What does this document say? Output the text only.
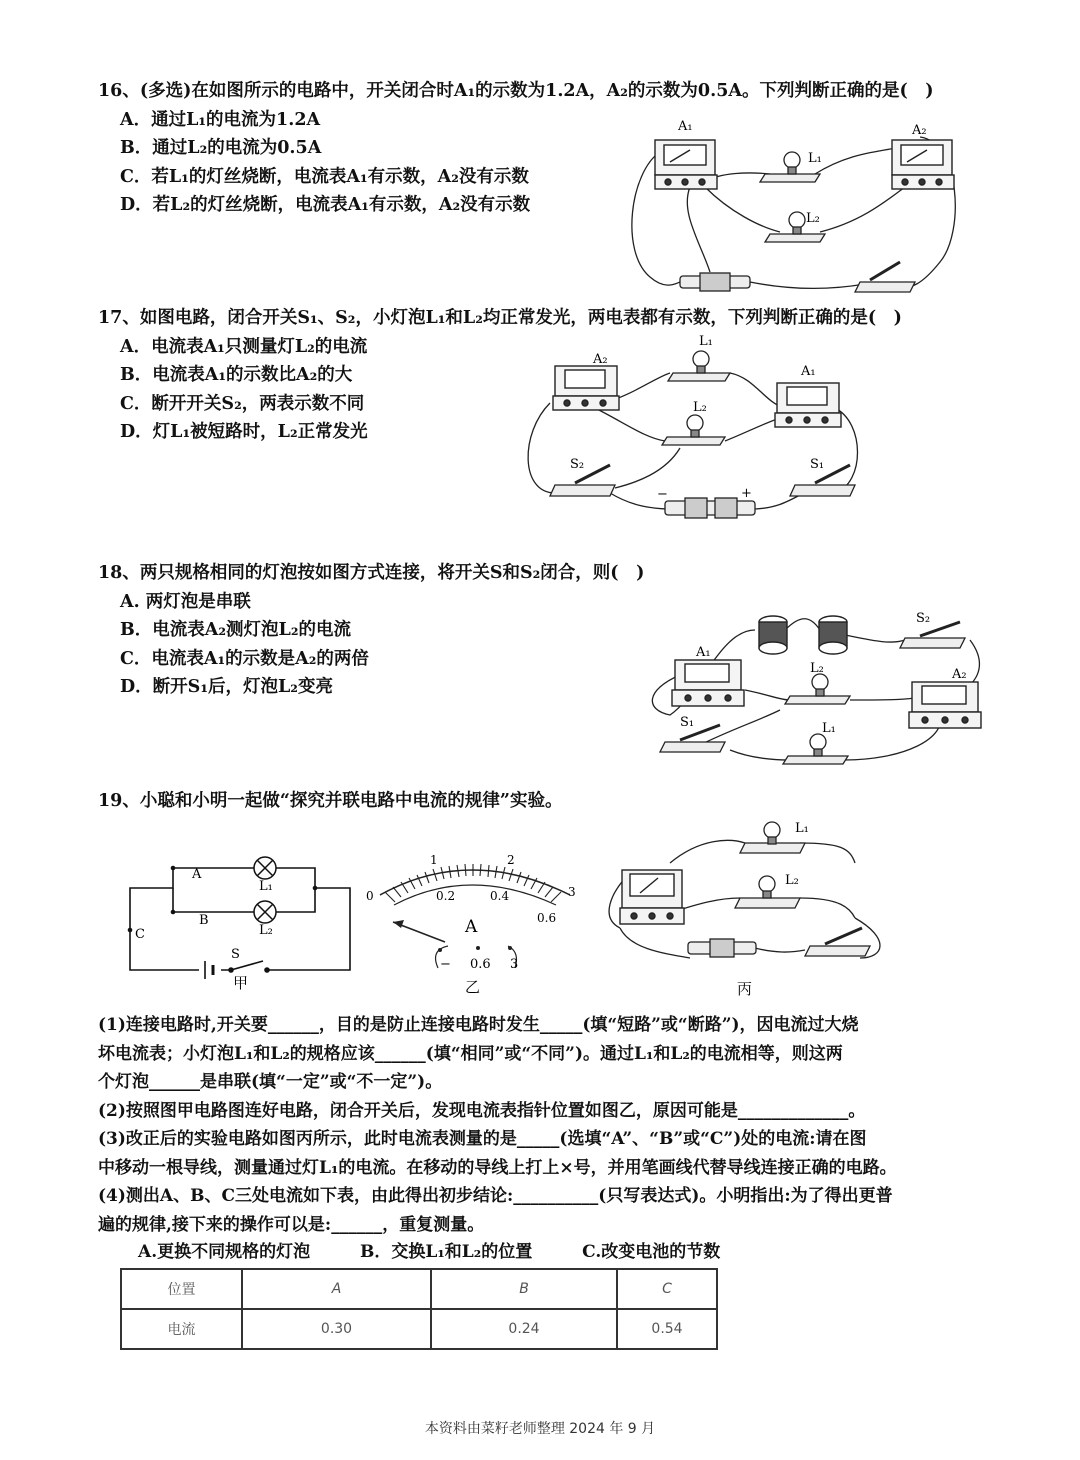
16、(多选)在如图所示的电路中，开关闭合时A₁的示数为1.2A，A₂的示数为0.5A。下列判断正确的是(　)
A．通过L₁的电流为1.2A
B．通过L₂的电流为0.5A
C．若L₁的灯丝烧断，电流表A₁有示数，A₂没有示数
D．若L₂的灯丝烧断，电流表A₁有示数，A₂没有示数
A₁	A₂
L₁
L₂
17、如图电路，闭合开关S₁、S₂，小灯泡L₁和L₂均正常发光，两电表都有示数，下列判断正确的是(　)
A．电流表A₁只测量灯L₂的电流
B．电流表A₁的示数比A₂的大
C．断开开关S₂，两表示数不同
D．灯L₁被短路时，L₂正常发光
A₂
L₁
L₂
A₁
S₂	S₁
−	+
18、两只规格相同的灯泡按如图方式连接，将开关S和S₂闭合，则(　)
A. 两灯泡是串联
B．电流表A₂测灯泡L₂的电流
C．电流表A₁的示数是A₂的两倍
D．断开S₁后，灯泡L₂变亮
A₁
L₂
S₂
A₂
S₁	L₁
19、小聪和小明一起做“探究并联电路中电流的规律”实验。
A
L₁
B
L₂
C
S
甲
0
1	2
3
0.2	0.4
0.6
A
− 0.6 3
乙
L₁
L₂
丙

(1)连接电路时,开关要______，目的是防止连接电路时发生_____(填“短路”或“断路”)，因电流过大烧

坏电流表；小灯泡L₁和L₂的规格应该______(填“相同”或“不同”)。通过L₁和L₂的电流相等，则这两

个灯泡______是串联(填“一定”或“不一定”)。

(2)按照图甲电路图连好电路，闭合开关后，发现电流表指针位置如图乙，原因可能是_____________。

(3)改正后的实验电路如图丙所示，此时电流表测量的是_____(选填“A”、“B”或“C”)处的电流:请在图

中移动一根导线，测量通过灯L₁的电流。在移动的导线上打上×号，并用笔画线代替导线连接正确的电路。

(4)测出A、B、C三处电流如下表，由此得出初步结论:__________(只写表达式)。小明指出:为了得出更普

遍的规律,接下来的操作可以是:______，重复测量。

A.更换不同规格的灯泡	B．交换L₁和L₂的位置	C.改变电池的节数
位置	A	B	C
电流	0.30	0.24	0.54
本资料由菜籽老师整理 2024 年 9 月
